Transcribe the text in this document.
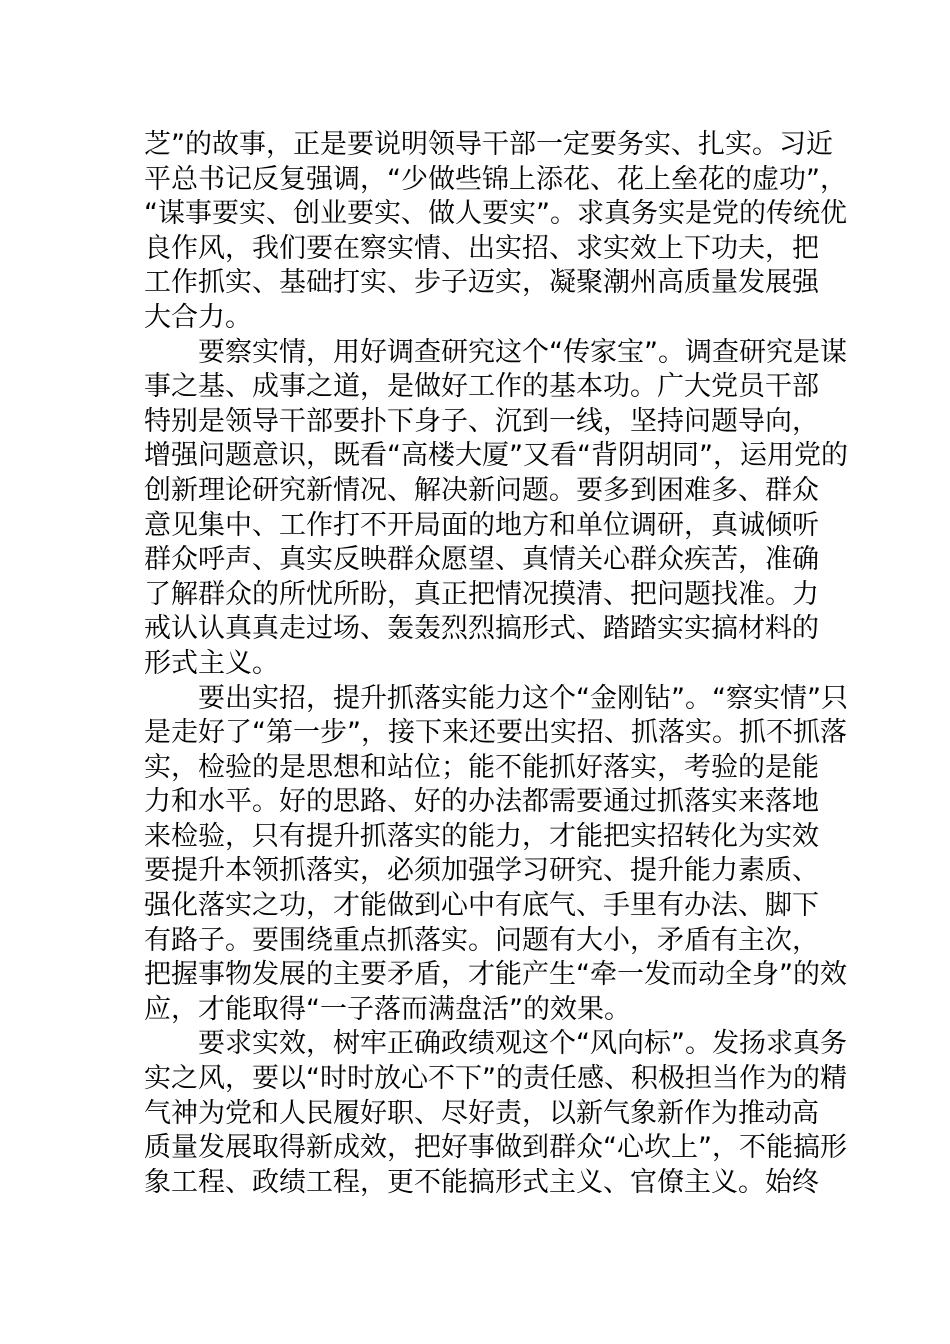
芝”的故事，正是要说明领导干部一定要务实、扎实。习近
平总书记反复强调，“少做些锦上添花、花上垒花的虚功”，
“谋事要实、创业要实、做人要实”。求真务实是党的传统优
良作风，我们要在察实情、出实招、求实效上下功夫，把
工作抓实、基础打实、步子迈实，凝聚潮州高质量发展强
大合力。

要察实情，用好调查研究这个“传家宝”。调查研究是谋
事之基、成事之道，是做好工作的基本功。广大党员干部
特别是领导干部要扑下身子、沉到一线，坚持问题导向，
增强问题意识，既看“高楼大厦”又看“背阴胡同”，运用党的
创新理论研究新情况、解决新问题。要多到困难多、群众
意见集中、工作打不开局面的地方和单位调研，真诚倾听
群众呼声、真实反映群众愿望、真情关心群众疾苦，准确
了解群众的所忧所盼，真正把情况摸清、把问题找准。力
戒认认真真走过场、轰轰烈烈搞形式、踏踏实实搞材料的
形式主义。

要出实招，提升抓落实能力这个“金刚钻”。“察实情”只
是走好了“第一步”，接下来还要出实招、抓落实。抓不抓落
实，检验的是思想和站位；能不能抓好落实，考验的是能
力和水平。好的思路、好的办法都需要通过抓落实来落地
来检验，只有提升抓落实的能力，才能把实招转化为实效
要提升本领抓落实，必须加强学习研究、提升能力素质、
强化落实之功，才能做到心中有底气、手里有办法、脚下
有路子。要围绕重点抓落实。问题有大小，矛盾有主次，
把握事物发展的主要矛盾，才能产生“牵一发而动全身”的效
应，才能取得“一子落而满盘活”的效果。

要求实效，树牢正确政绩观这个“风向标”。发扬求真务
实之风，要以“时时放心不下”的责任感、积极担当作为的精
气神为党和人民履好职、尽好责，以新气象新作为推动高
质量发展取得新成效，把好事做到群众“心坎上”，不能搞形
象工程、政绩工程，更不能搞形式主义、官僚主义。始终
